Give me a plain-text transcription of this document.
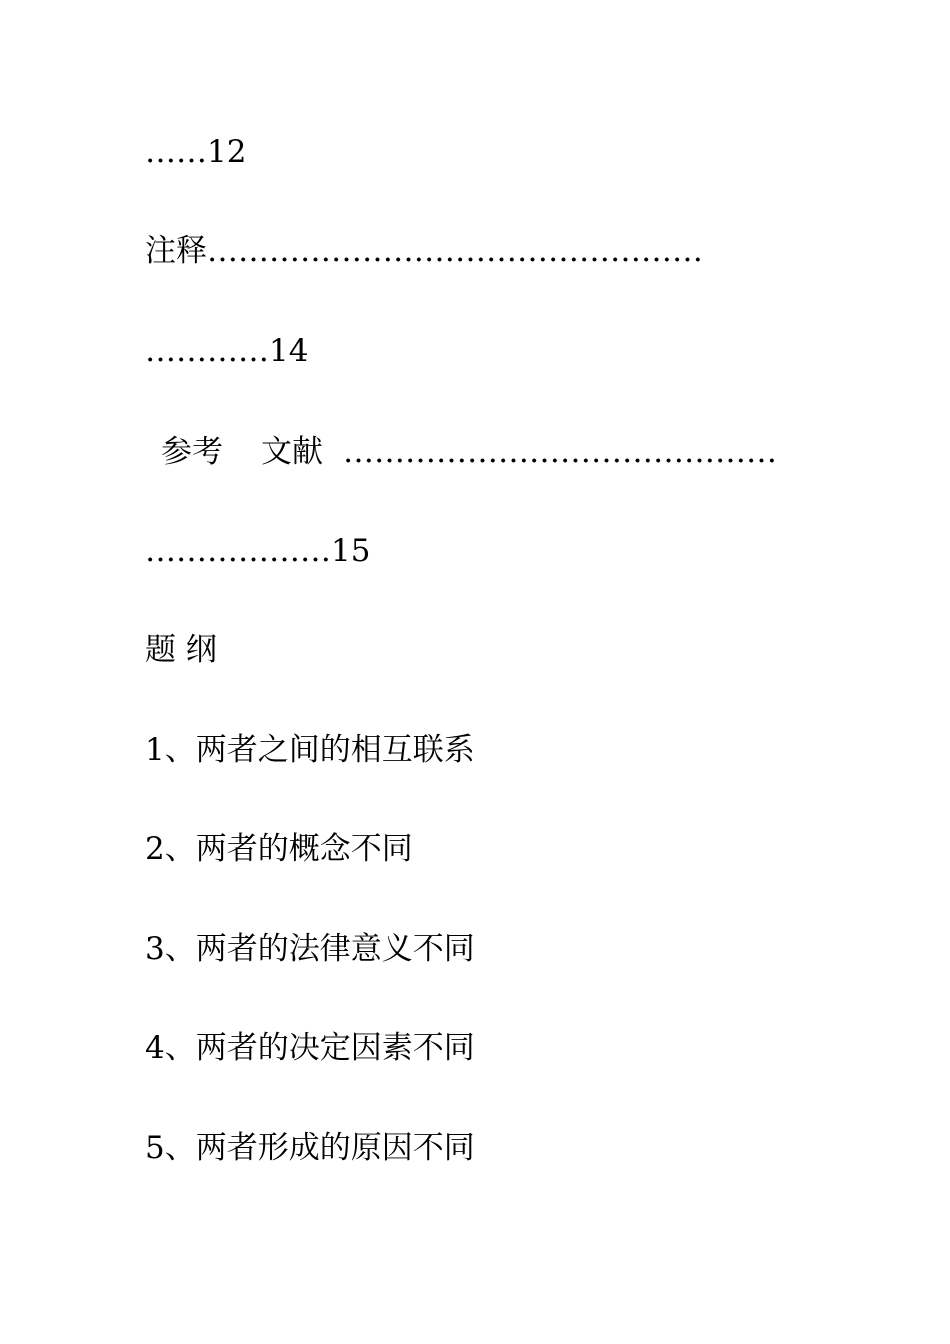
……12
注释…………………………………………
…………14
参考 文献 ……………………………………
………………15
题 纲
1、两者之间的相互联系
2、两者的概念不同
3、两者的法律意义不同
4、两者的决定因素不同
5、两者形成的原因不同
